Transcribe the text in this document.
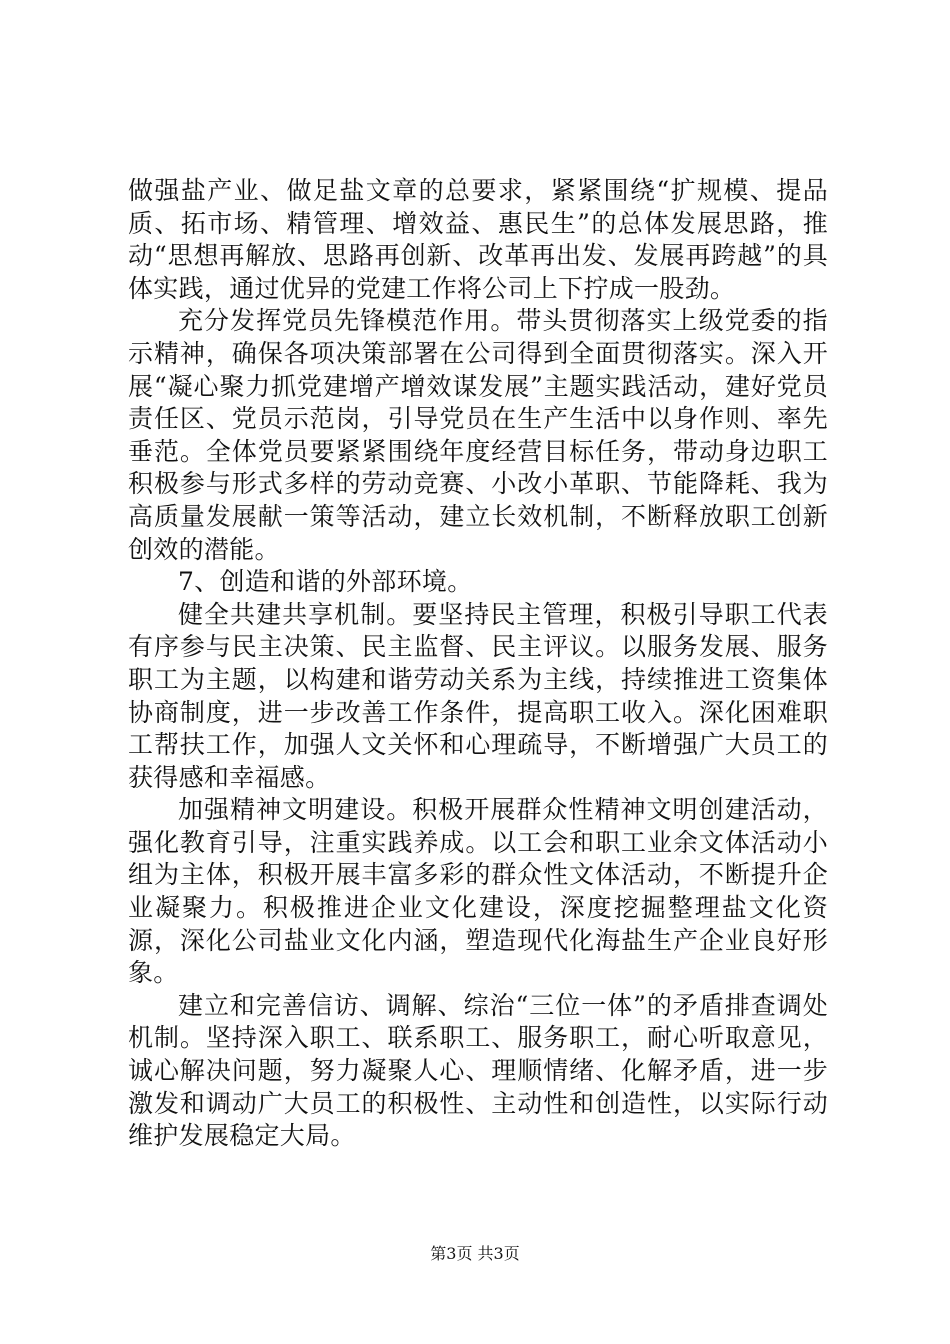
做强盐产业、做足盐文章的总要求，紧紧围绕“扩规模、提品质、拓市场、精管理、增效益、惠民生”的总体发展思路，推动“思想再解放、思路再创新、改革再出发、发展再跨越”的具体实践，通过优异的党建工作将公司上下拧成一股劲。

充分发挥党员先锋模范作用。带头贯彻落实上级党委的指示精神，确保各项决策部署在公司得到全面贯彻落实。深入开展“凝心聚力抓党建增产增效谋发展”主题实践活动，建好党员责任区、党员示范岗，引导党员在生产生活中以身作则、率先垂范。全体党员要紧紧围绕年度经营目标任务，带动身边职工积极参与形式多样的劳动竞赛、小改小革职、节能降耗、我为高质量发展献一策等活动，建立长效机制，不断释放职工创新创效的潜能。

7、创造和谐的外部环境。

健全共建共享机制。要坚持民主管理，积极引导职工代表有序参与民主决策、民主监督、民主评议。以服务发展、服务职工为主题，以构建和谐劳动关系为主线，持续推进工资集体协商制度，进一步改善工作条件，提高职工收入。深化困难职工帮扶工作，加强人文关怀和心理疏导，不断增强广大员工的获得感和幸福感。

加强精神文明建设。积极开展群众性精神文明创建活动，强化教育引导，注重实践养成。以工会和职工业余文体活动小组为主体，积极开展丰富多彩的群众性文体活动，不断提升企业凝聚力。积极推进企业文化建设，深度挖掘整理盐文化资源，深化公司盐业文化内涵，塑造现代化海盐生产企业良好形象。

建立和完善信访、调解、综治“三位一体”的矛盾排查调处机制。坚持深入职工、联系职工、服务职工，耐心听取意见，诚心解决问题，努力凝聚人心、理顺情绪、化解矛盾，进一步激发和调动广大员工的积极性、主动性和创造性，以实际行动维护发展稳定大局。

第3页 共3页
